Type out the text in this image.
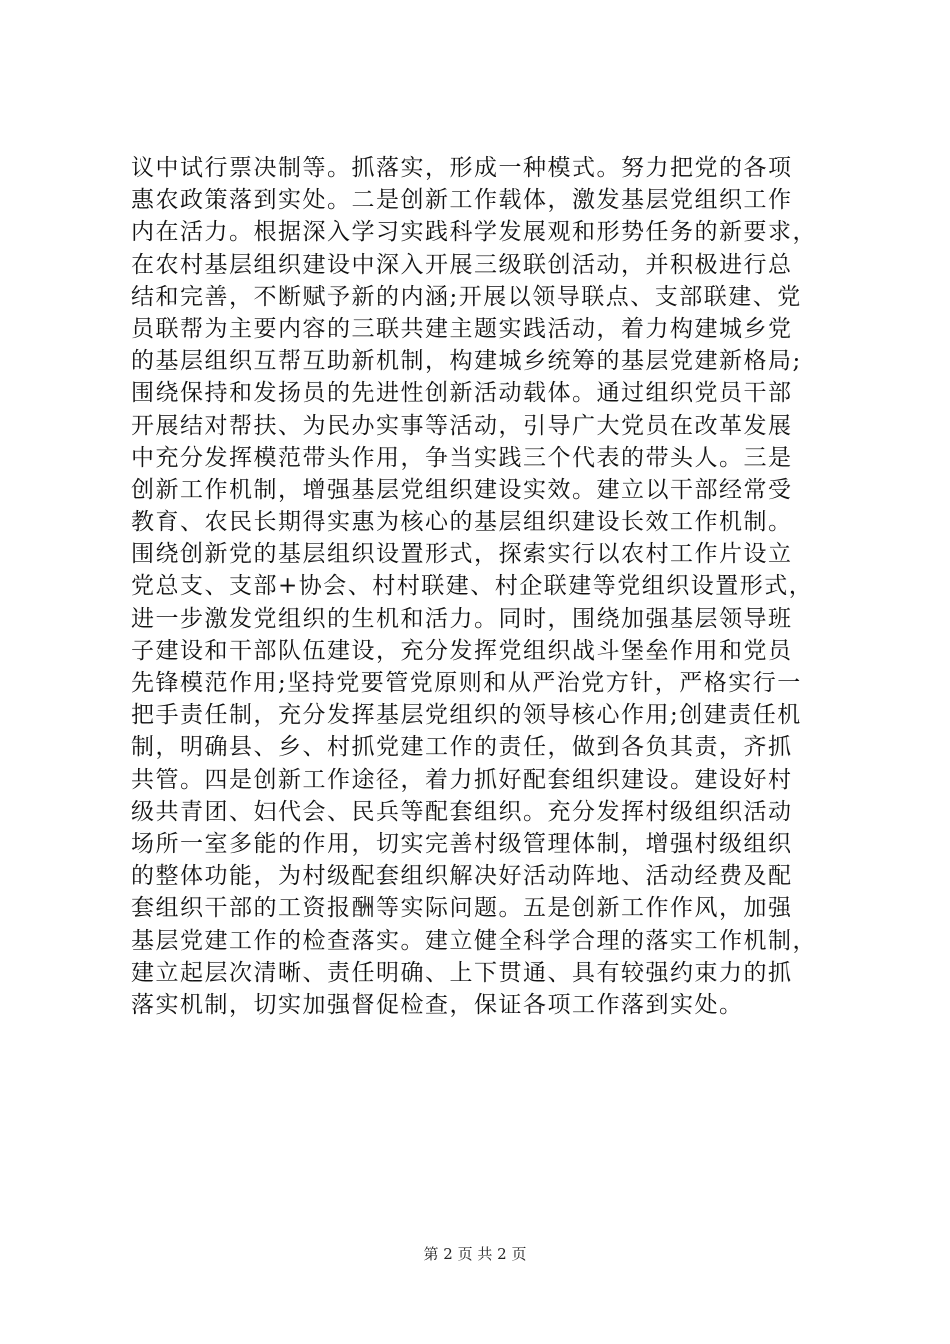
议中试行票决制等。抓落实，形成一种模式。努力把党的各项
惠农政策落到实处。二是创新工作载体，激发基层党组织工作
内在活力。根据深入学习实践科学发展观和形势任务的新要求，
在农村基层组织建设中深入开展三级联创活动，并积极进行总
结和完善，不断赋予新的内涵;开展以领导联点、支部联建、党
员联帮为主要内容的三联共建主题实践活动，着力构建城乡党
的基层组织互帮互助新机制，构建城乡统筹的基层党建新格局;
围绕保持和发扬员的先进性创新活动载体。通过组织党员干部
开展结对帮扶、为民办实事等活动，引导广大党员在改革发展
中充分发挥模范带头作用，争当实践三个代表的带头人。三是
创新工作机制，增强基层党组织建设实效。建立以干部经常受
教育、农民长期得实惠为核心的基层组织建设长效工作机制。
围绕创新党的基层组织设置形式，探索实行以农村工作片设立
党总支、支部+协会、村村联建、村企联建等党组织设置形式，
进一步激发党组织的生机和活力。同时，围绕加强基层领导班
子建设和干部队伍建设，充分发挥党组织战斗堡垒作用和党员
先锋模范作用;坚持党要管党原则和从严治党方针，严格实行一
把手责任制，充分发挥基层党组织的领导核心作用;创建责任机
制，明确县、乡、村抓党建工作的责任，做到各负其责，齐抓
共管。四是创新工作途径，着力抓好配套组织建设。建设好村
级共青团、妇代会、民兵等配套组织。充分发挥村级组织活动
场所一室多能的作用，切实完善村级管理体制，增强村级组织
的整体功能，为村级配套组织解决好活动阵地、活动经费及配
套组织干部的工资报酬等实际问题。五是创新工作作风，加强
基层党建工作的检查落实。建立健全科学合理的落实工作机制，
建立起层次清晰、责任明确、上下贯通、具有较强约束力的抓
落实机制，切实加强督促检查，保证各项工作落到实处。
第 2 页 共 2 页
